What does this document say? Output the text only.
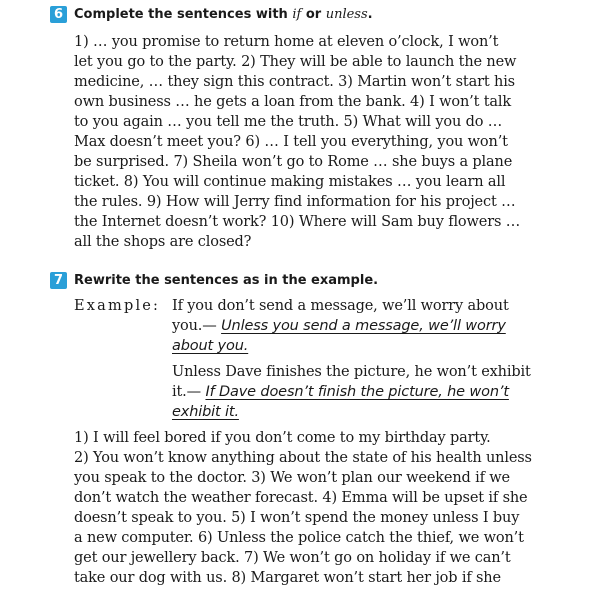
6 Complete the sentences with if or unless.
1) … you promise to return home at eleven o’clock, I won’t
let you go to the party. 2) They will be able to launch the new
medicine, … they sign this contract. 3) Martin won’t start his
own business … he gets a loan from the bank. 4) I won’t talk
to you again … you tell me the truth. 5) What will you do …
Max doesn’t meet you? 6) … I tell you everything, you won’t
be surprised. 7) Sheila won’t go to Rome … she buys a plane
ticket. 8) You will continue making mistakes … you learn all
the rules. 9) How will Jerry find information for his project …
the Internet doesn’t work? 10) Where will Sam buy flowers …
all the shops are closed?
7 Rewrite the sentences as in the example.
Example: If you don’t send a message, we’ll worry about
you.— Unless you send a message, we’ll worry
about you.
Unless Dave finishes the picture, he won’t exhibit
it.— If Dave doesn’t finish the picture, he won’t
exhibit it.
1) I will feel bored if you don’t come to my birthday party.
2) You won’t know anything about the state of his health unless
you speak to the doctor. 3) We won’t plan our weekend if we
don’t watch the weather forecast. 4) Emma will be upset if she
doesn’t speak to you. 5) I won’t spend the money unless I buy
a new computer. 6) Unless the police catch the thief, we won’t
get our jewellery back. 7) We won’t go on holiday if we can’t
take our dog with us. 8) Margaret won’t start her job if she
